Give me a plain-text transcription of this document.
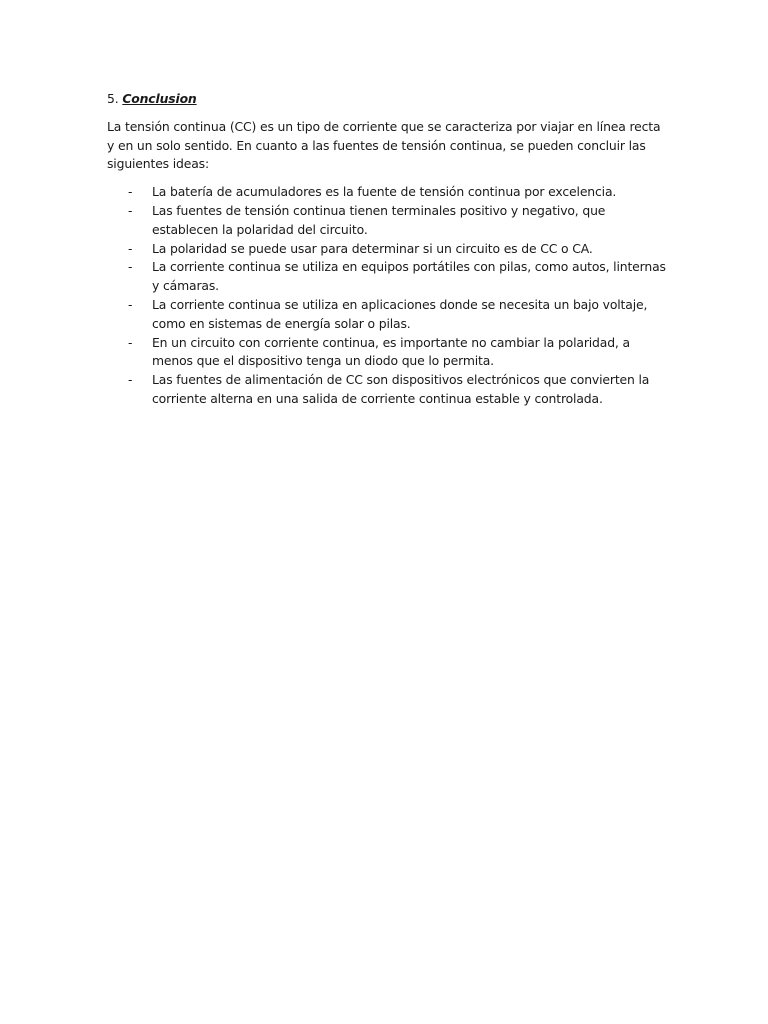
5. Conclusion

La tensión continua (CC) es un tipo de corriente que se caracteriza por viajar en línea recta y en un solo sentido. En cuanto a las fuentes de tensión continua, se pueden concluir las siguientes ideas:

- La batería de acumuladores es la fuente de tensión continua por excelencia.
- Las fuentes de tensión continua tienen terminales positivo y negativo, que establecen la polaridad del circuito.
- La polaridad se puede usar para determinar si un circuito es de CC o CA.
- La corriente continua se utiliza en equipos portátiles con pilas, como autos, linternas y cámaras.
- La corriente continua se utiliza en aplicaciones donde se necesita un bajo voltaje, como en sistemas de energía solar o pilas.
- En un circuito con corriente continua, es importante no cambiar la polaridad, a menos que el dispositivo tenga un diodo que lo permita.
- Las fuentes de alimentación de CC son dispositivos electrónicos que convierten la corriente alterna en una salida de corriente continua estable y controlada.
